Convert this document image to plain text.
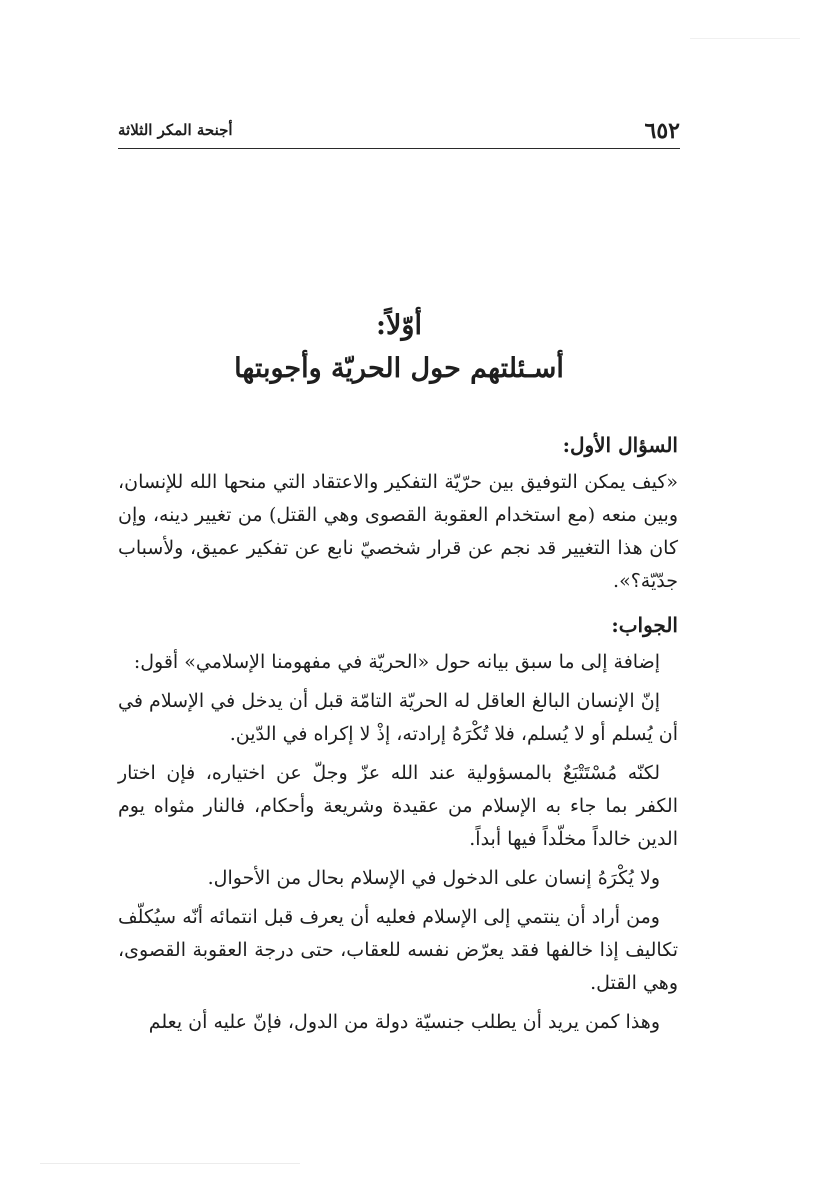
٦٥٢
أجنحة المكر الثلاثة
أوّلاً:
أسـئلتهم حول الحريّة وأجوبتها
السؤال الأول:

«كيف يمكن التوفيق بين حرّيّة التفكير والاعتقاد التي منحها الله للإنسان، وبين منعه (مع استخدام العقوبة القصوى وهي القتل) من تغيير دينه، وإن كان هذا التغيير قد نجم عن قرار شخصيّ نابع عن تفكير عميق، ولأسباب جدّيّة؟».

الجواب:

إضافة إلى ما سبق بيانه حول «الحريّة في مفهومنا الإسلامي» أقول:

إنّ الإنسان البالغ العاقل له الحريّة التامّة قبل أن يدخل في الإسلام في أن يُسلم أو لا يُسلم، فلا تُكْرَهُ إرادته، إذْ لا إكراه في الدّين.

لكنّه مُسْتَتْبَعٌ بالمسؤولية عند الله عزّ وجلّ عن اختياره، فإن اختار الكفر بما جاء به الإسلام من عقيدة وشريعة وأحكام، فالنار مثواه يوم الدين خالداً مخلّداً فيها أبداً.

ولا يُكْرَهُ إنسان على الدخول في الإسلام بحال من الأحوال.

ومن أراد أن ينتمي إلى الإسلام فعليه أن يعرف قبل انتمائه أنّه سيُكلّف تكاليف إذا خالفها فقد يعرّض نفسه للعقاب، حتى درجة العقوبة القصوى، وهي القتل.

وهذا كمن يريد أن يطلب جنسيّة دولة من الدول، فإنّ عليه أن يعلم
